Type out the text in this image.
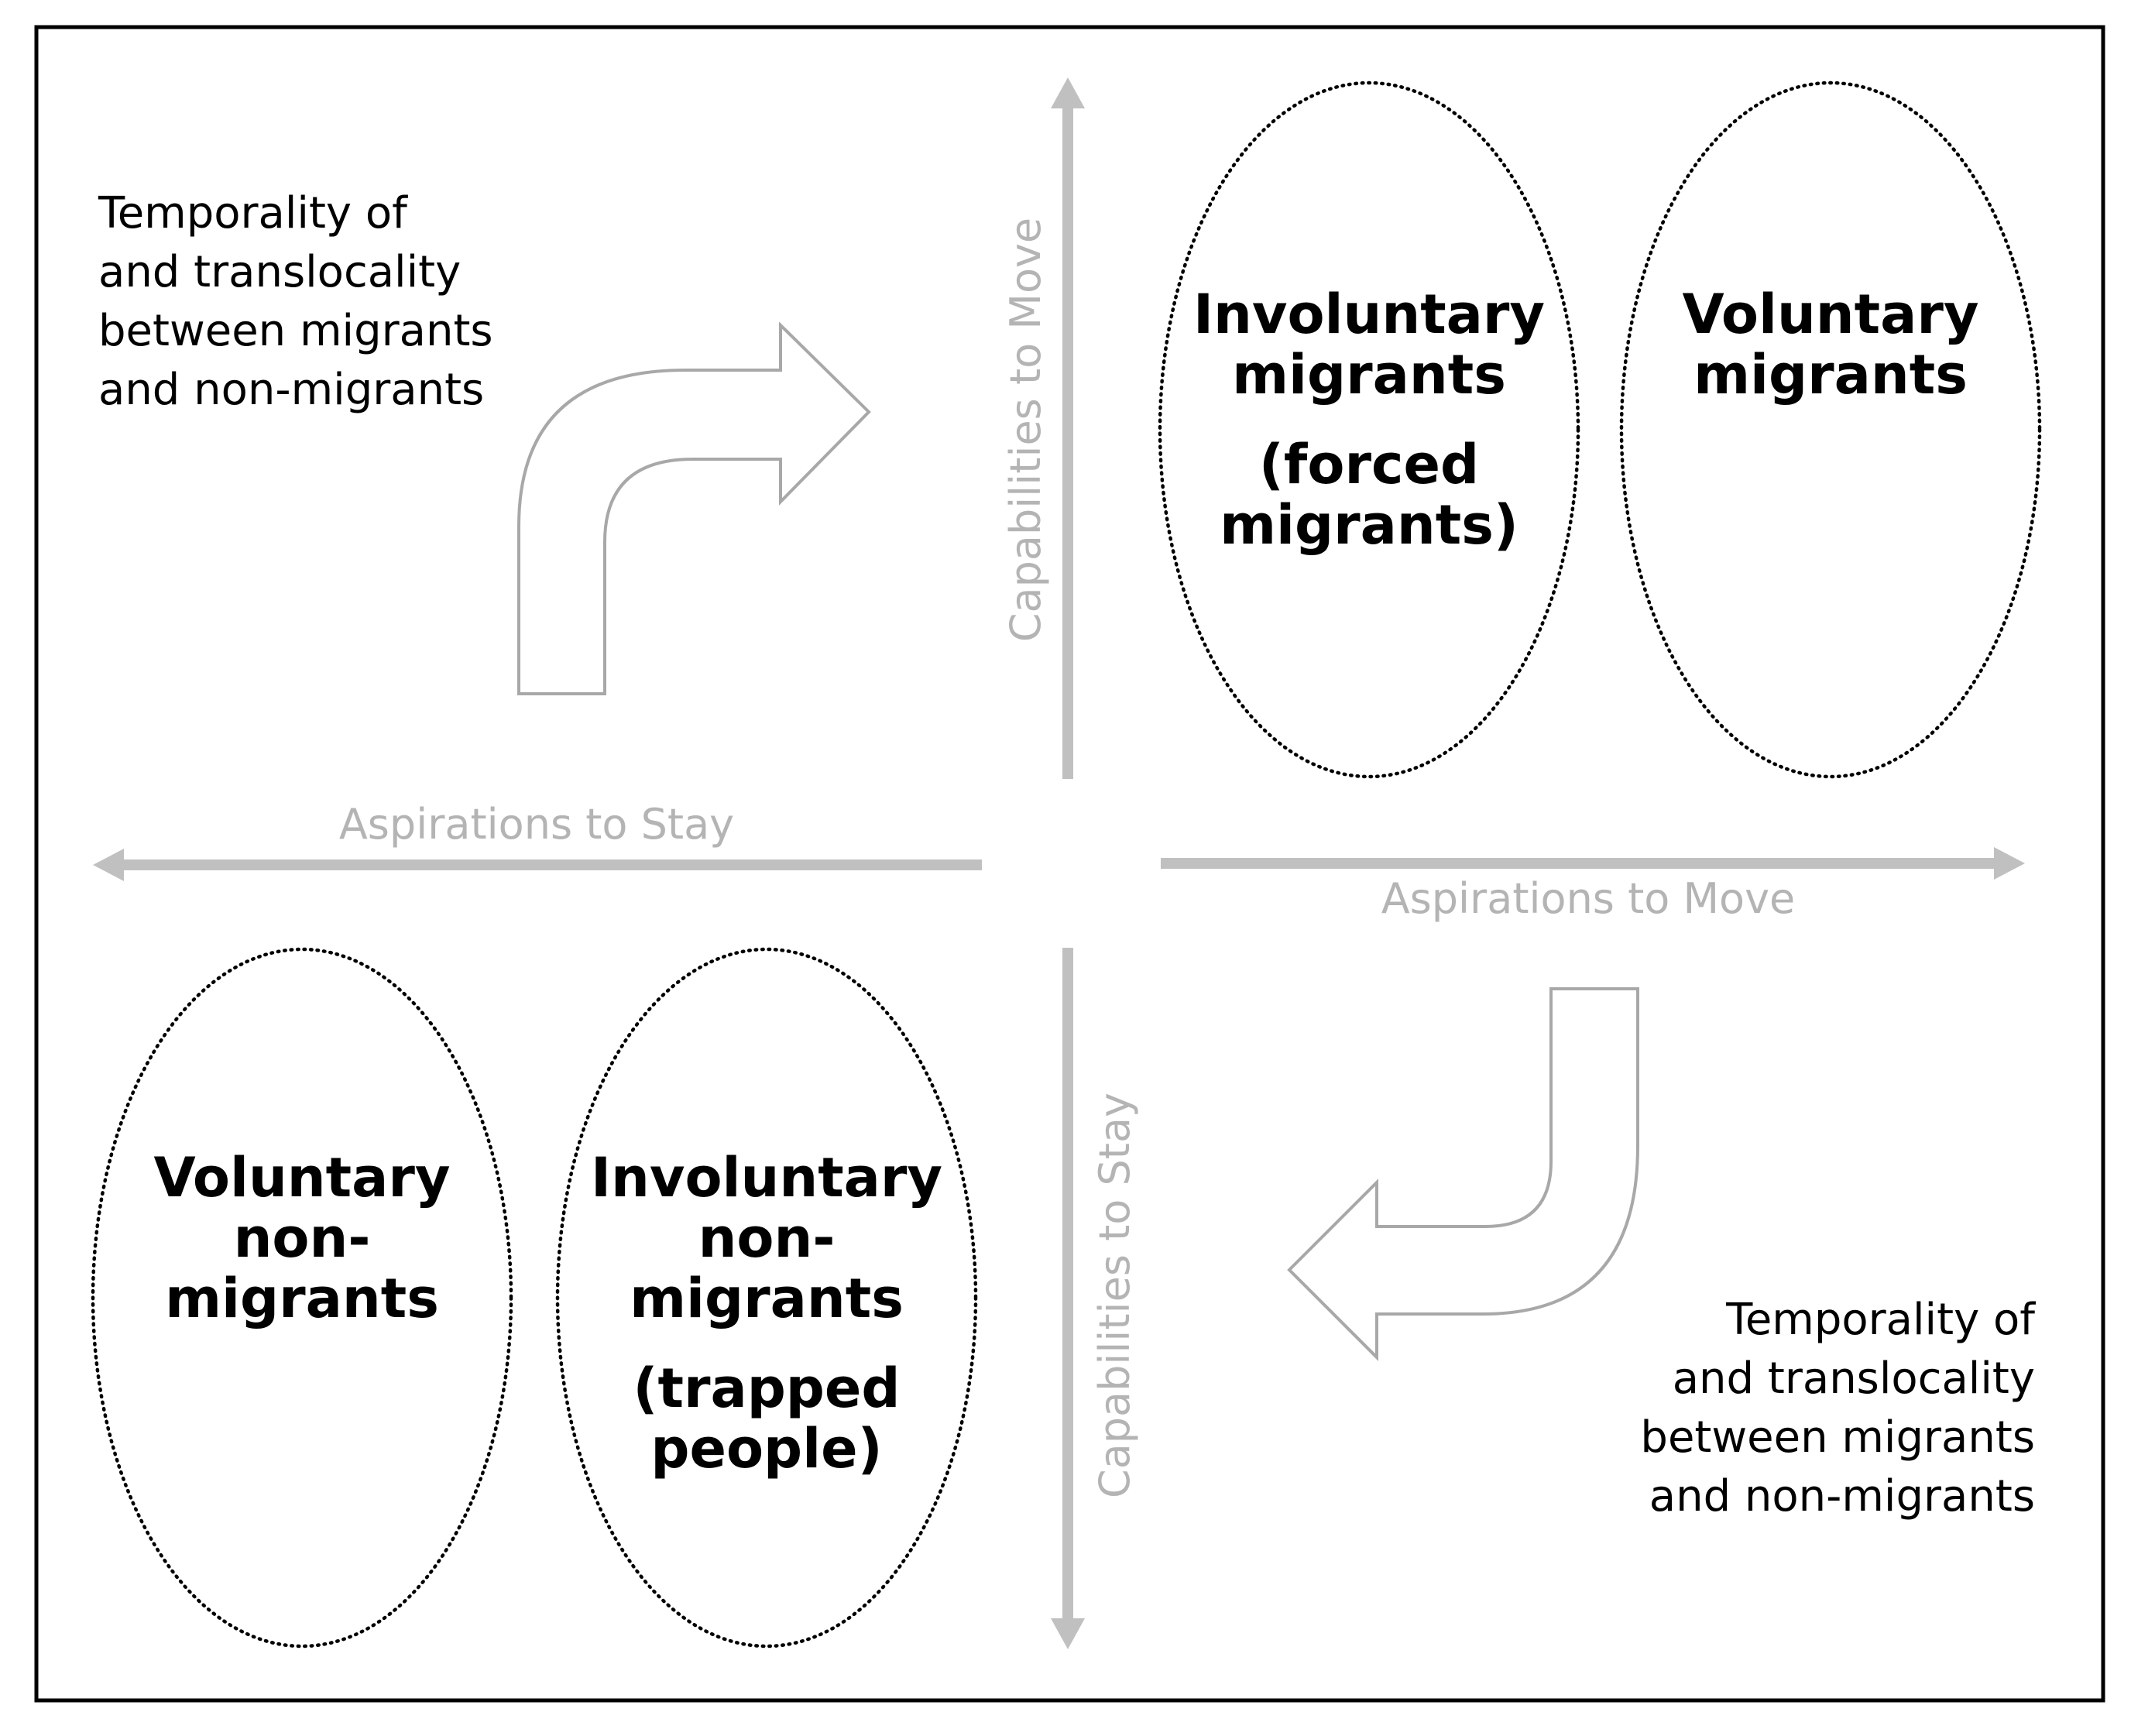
Capabilities to Move
Capabilities to Stay
Aspirations to Stay
Aspirations to Move
Temporality of
and translocality
between migrants
and non-migrants
Temporality of
and translocality
between migrants
and non-migrants
Involuntary
migrants
(forced
migrants)
Voluntary
migrants
Voluntary
non-
migrants
Involuntary
non-
migrants
(trapped
people)
